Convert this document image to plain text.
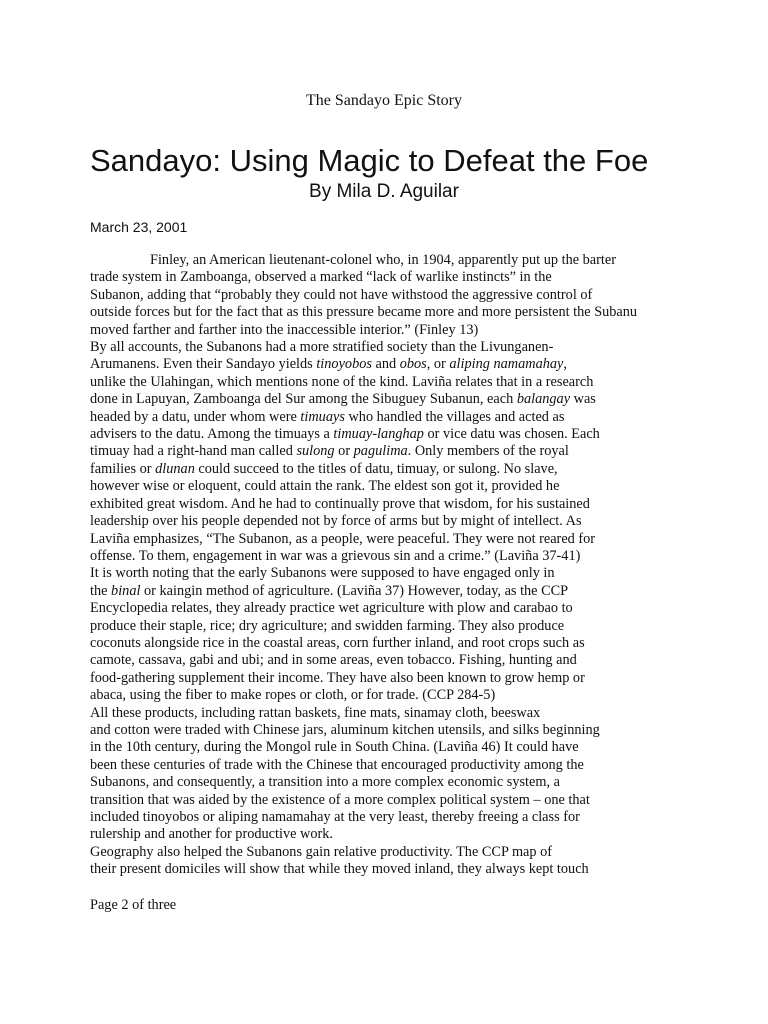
The Sandayo Epic Story
Sandayo: Using Magic to Defeat the Foe
By Mila D. Aguilar
March 23, 2001
Finley, an American lieutenant-colonel who, in 1904, apparently put up the barter
trade system in Zamboanga, observed a marked “lack of warlike instincts” in the
Subanon, adding that “probably they could not have withstood the aggressive control of
outside forces but for the fact that as this pressure became more and more persistent the Subanu
moved farther and farther into the inaccessible interior.” (Finley 13)
By all accounts, the Subanons had a more stratified society than the Livunganen-
Arumanens. Even their Sandayo yields tinoyobos and obos, or aliping namamahay,
unlike the Ulahingan, which mentions none of the kind. Laviña relates that in a research
done in Lapuyan, Zamboanga del Sur among the Sibuguey Subanun, each balangay was
headed by a datu, under whom were timuays who handled the villages and acted as
advisers to the datu. Among the timuays a timuay-langhap or vice datu was chosen. Each
timuay had a right-hand man called sulong or pagulima. Only members of the royal
families or dlunan could succeed to the titles of datu, timuay, or sulong. No slave,
however wise or eloquent, could attain the rank. The eldest son got it, provided he
exhibited great wisdom. And he had to continually prove that wisdom, for his sustained
leadership over his people depended not by force of arms but by might of intellect. As
Laviña emphasizes, “The Subanon, as a people, were peaceful. They were not reared for
offense. To them, engagement in war was a grievous sin and a crime.” (Laviña 37-41)
It is worth noting that the early Subanons were supposed to have engaged only in
the binal or kaingin method of agriculture. (Laviña 37) However, today, as the CCP
Encyclopedia relates, they already practice wet agriculture with plow and carabao to
produce their staple, rice; dry agriculture; and swidden farming. They also produce
coconuts alongside rice in the coastal areas, corn further inland, and root crops such as
camote, cassava, gabi and ubi; and in some areas, even tobacco. Fishing, hunting and
food-gathering supplement their income. They have also been known to grow hemp or
abaca, using the fiber to make ropes or cloth, or for trade. (CCP 284-5)
All these products, including rattan baskets, fine mats, sinamay cloth, beeswax
and cotton were traded with Chinese jars, aluminum kitchen utensils, and silks beginning
in the 10th century, during the Mongol rule in South China. (Laviña 46) It could have
been these centuries of trade with the Chinese that encouraged productivity among the
Subanons, and consequently, a transition into a more complex economic system, a
transition that was aided by the existence of a more complex political system – one that
included tinoyobos or aliping namamahay at the very least, thereby freeing a class for
rulership and another for productive work.
Geography also helped the Subanons gain relative productivity. The CCP map of
their present domiciles will show that while they moved inland, they always kept touch
Page 2 of three
